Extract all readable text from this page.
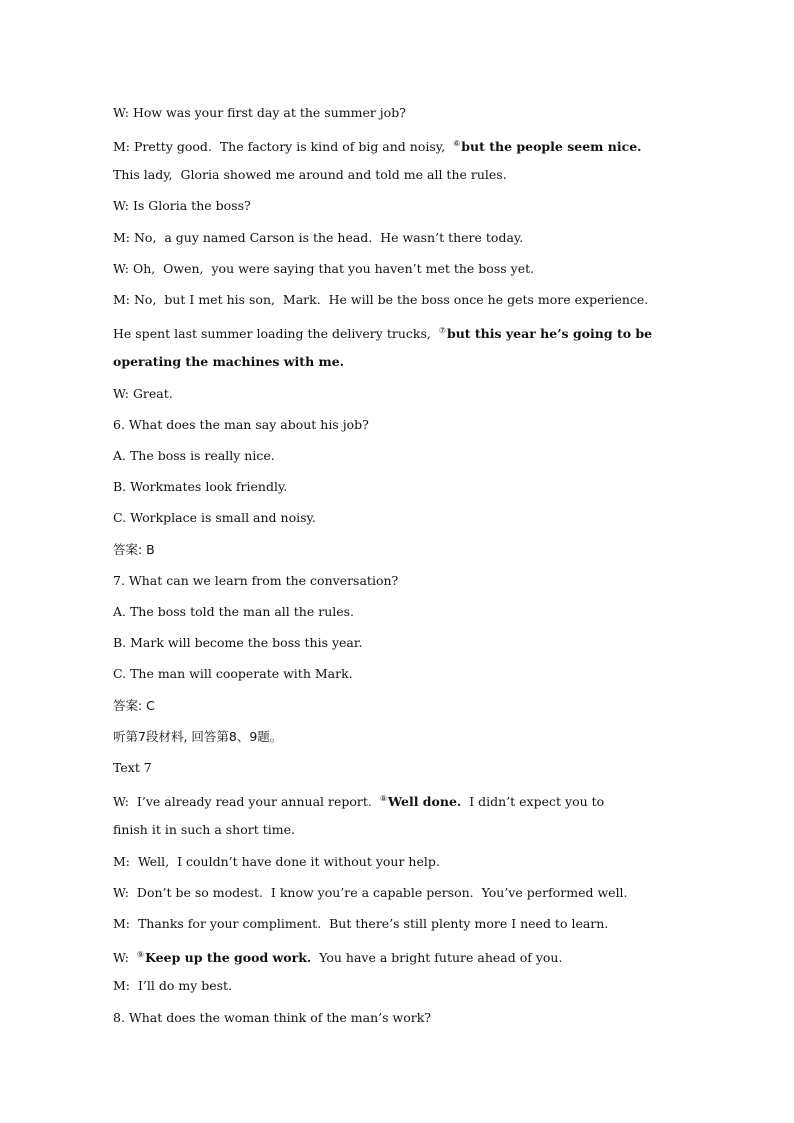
W: How was your first day at the summer job?
M: Pretty good.  The factory is kind of big and noisy,  ⑥but the people seem nice.
This lady,  Gloria showed me around and told me all the rules.
W: Is Gloria the boss?
M: No,  a guy named Carson is the head.  He wasn’t there today.
W: Oh,  Owen,  you were saying that you haven’t met the boss yet.
M: No,  but I met his son,  Mark.  He will be the boss once he gets more experience.
He spent last summer loading the delivery trucks,  ⑦but this year he’s going to be
operating the machines with me.
W: Great.
6. What does the man say about his job?
A. The boss is really nice.
B. Workmates look friendly.
C. Workplace is small and noisy.
答案: B
7. What can we learn from the conversation?
A. The boss told the man all the rules.
B. Mark will become the boss this year.
C. The man will cooperate with Mark.
答案: C
听第7段材料, 回答第8、9题。
Text 7
W:  I’ve already read your annual report.  ⑧Well done.  I didn’t expect you to
finish it in such a short time.
M:  Well,  I couldn’t have done it without your help.
W:  Don’t be so modest.  I know you’re a capable person.  You’ve performed well.
M:  Thanks for your compliment.  But there’s still plenty more I need to learn.
W:  ⑨Keep up the good work.  You have a bright future ahead of you.
M:  I’ll do my best.
8. What does the woman think of the man’s work?
